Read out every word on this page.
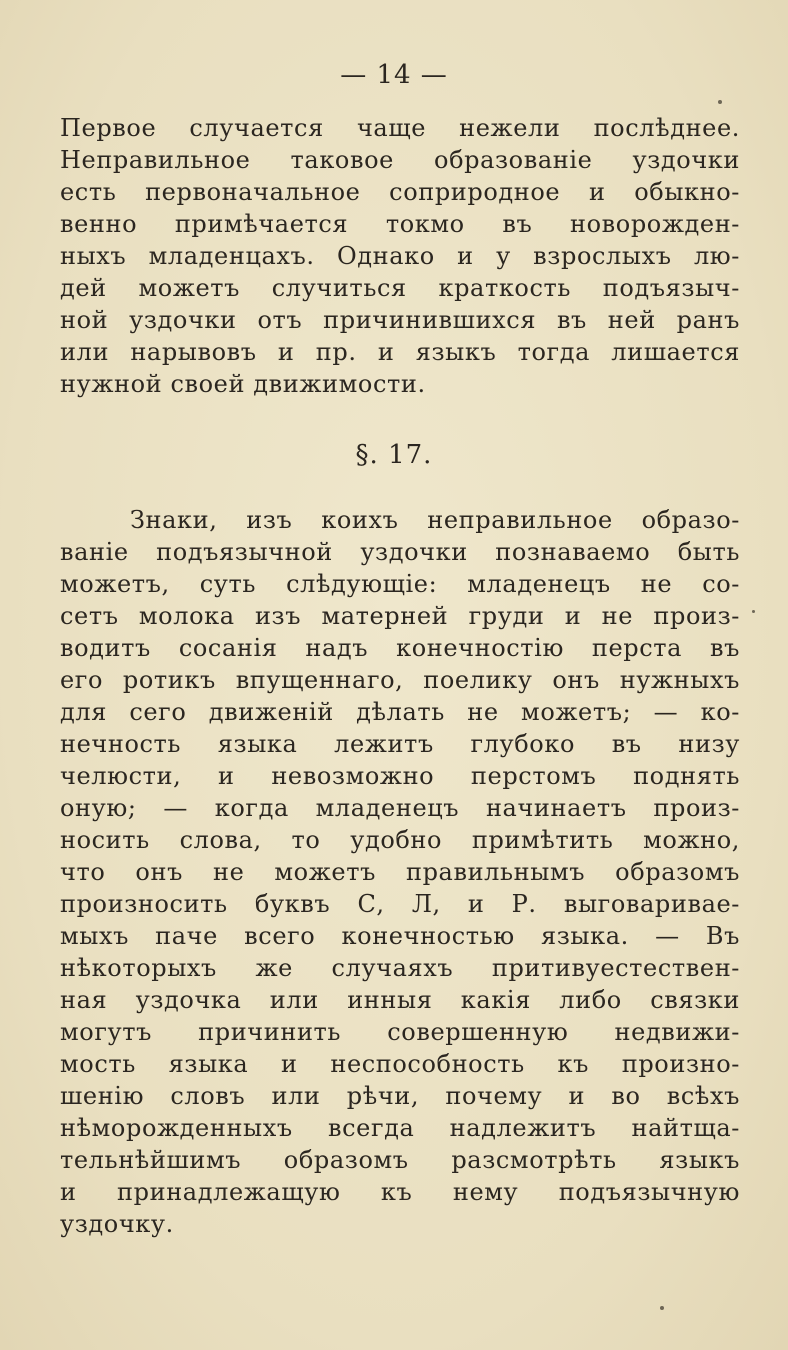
— 14 —
Первое случается чаще нежели послѣднее.
Неправильное таковое образованіе уздочки
есть первоначальное соприродное и обыкно-
венно примѣчается токмо въ новорожден-
ныхъ младенцахъ. Однако и у взрослыхъ лю-
дей можетъ случиться краткость подъязыч-
ной уздочки отъ причинившихся въ ней ранъ
или нарывовъ и пр. и языкъ тогда лишается
нужной своей движимости.
§. 17.
Знаки, изъ коихъ неправильное образо-
ваніе подъязычной уздочки познаваемо быть
можетъ, суть слѣдующіе: младенецъ не со-
сетъ молока изъ матерней груди и не произ-
водитъ сосанія надъ конечностію перста въ
его ротикъ впущеннаго, поелику онъ нужныхъ
для сего движеній дѣлать не можетъ; — ко-
нечность языка лежитъ глубоко въ низу
челюсти, и невозможно перстомъ поднять
оную; — когда младенецъ начинаетъ произ-
носить слова, то удобно примѣтить можно,
что онъ не можетъ правильнымъ образомъ
произносить буквъ С, Л, и Р. выговаривае-
мыхъ паче всего конечностью языка. — Въ
нѣкоторыхъ же случаяхъ притивуестествен-
ная уздочка или инныя какія либо связки
могутъ причинить совершенную недвижи-
мость языка и неспособность къ произно-
шенію словъ или рѣчи, почему и во всѣхъ
нѣморожденныхъ всегда надлежитъ найтща-
тельнѣйшимъ образомъ разсмотрѣть языкъ
и принадлежащую къ нему подъязычную
уздочку.
